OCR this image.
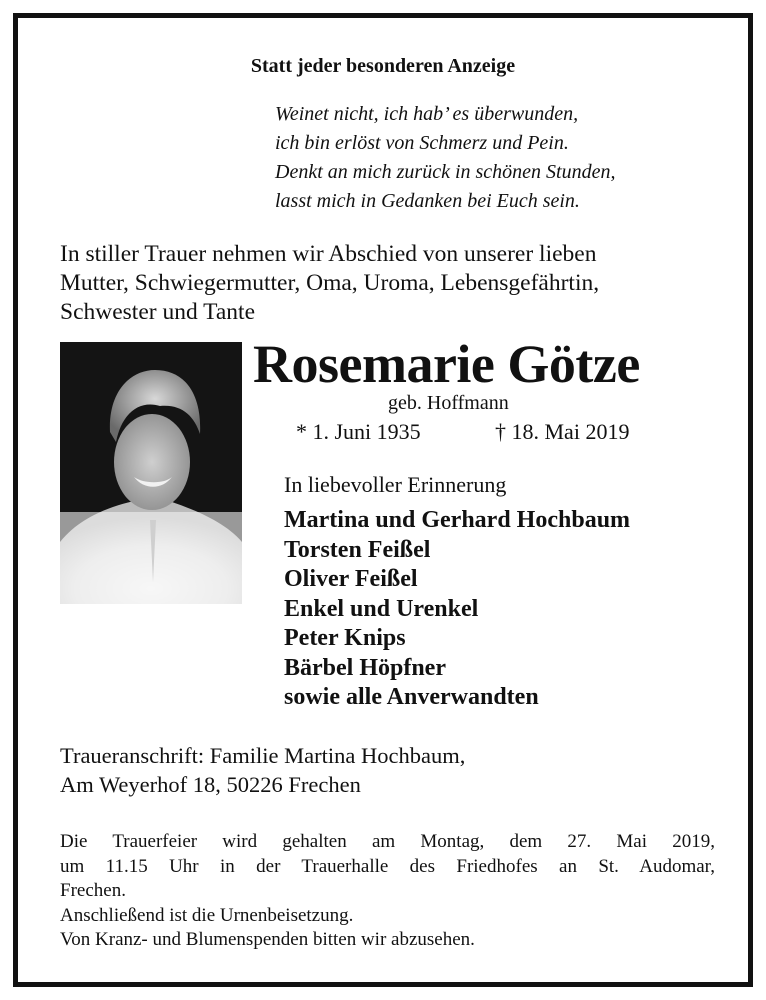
Statt jeder besonderen Anzeige
Weinet nicht, ich hab’ es überwunden,
ich bin erlöst von Schmerz und Pein.
Denkt an mich zurück in schönen Stunden,
lasst mich in Gedanken bei Euch sein.
In stiller Trauer nehmen wir Abschied von unserer lieben
Mutter, Schwiegermutter, Oma, Uroma, Lebensgefährtin,
Schwester und Tante
Rosemarie Götze
geb. Hoffmann
* 1. Juni 1935	† 18. Mai 2019
In liebevoller Erinnerung
Martina und Gerhard Hochbaum
Torsten Feißel
Oliver Feißel
Enkel und Urenkel
Peter Knips
Bärbel Höpfner
sowie alle Anverwandten
Traueranschrift: Familie Martina Hochbaum,
Am Weyerhof 18, 50226 Frechen
Die Trauerfeier wird gehalten am Montag, dem 27. Mai 2019,
um 11.15 Uhr in der Trauerhalle des Friedhofes an St. Audomar,
Frechen.
Anschließend ist die Urnenbeisetzung.
Von Kranz- und Blumenspenden bitten wir abzusehen.
